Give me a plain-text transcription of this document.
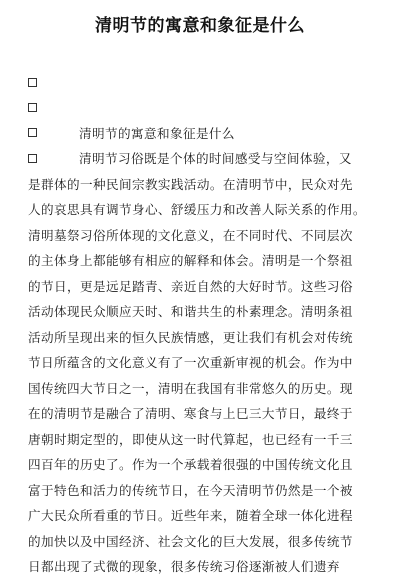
清明节的寓意和象征是什么
清明节的寓意和象征是什么
清明节习俗既是个体的时间感受与空间体验，又
是群体的一种民间宗教实践活动。在清明节中，民众对先
人的哀思具有调节身心、舒缓压力和改善人际关系的作用。
清明墓祭习俗所体现的文化意义，在不同时代、不同层次
的主体身上都能够有相应的解释和体会。清明是一个祭祖
的节日，更是远足踏青、亲近自然的大好时节。这些习俗
活动体现民众顺应天时、和谐共生的朴素理念。清明条祖
活动所呈现出来的恒久民族情感，更让我们有机会对传统
节日所蕴含的文化意义有了一次重新审视的机会。作为中
国传统四大节日之一，清明在我国有非常悠久的历史。现
在的清明节是融合了清明、寒食与上巳三大节日，最终于
唐朝时期定型的，即使从这一时代算起，也已经有一千三
四百年的历史了。作为一个承载着很强的中国传统文化且
富于特色和活力的传统节日，在今天清明节仍然是一个被
广大民众所看重的节日。近些年来，随着全球一体化进程
的加快以及中国经济、社会文化的巨大发展，很多传统节
日都出现了式微的现象，很多传统习俗逐渐被人们遗弃
